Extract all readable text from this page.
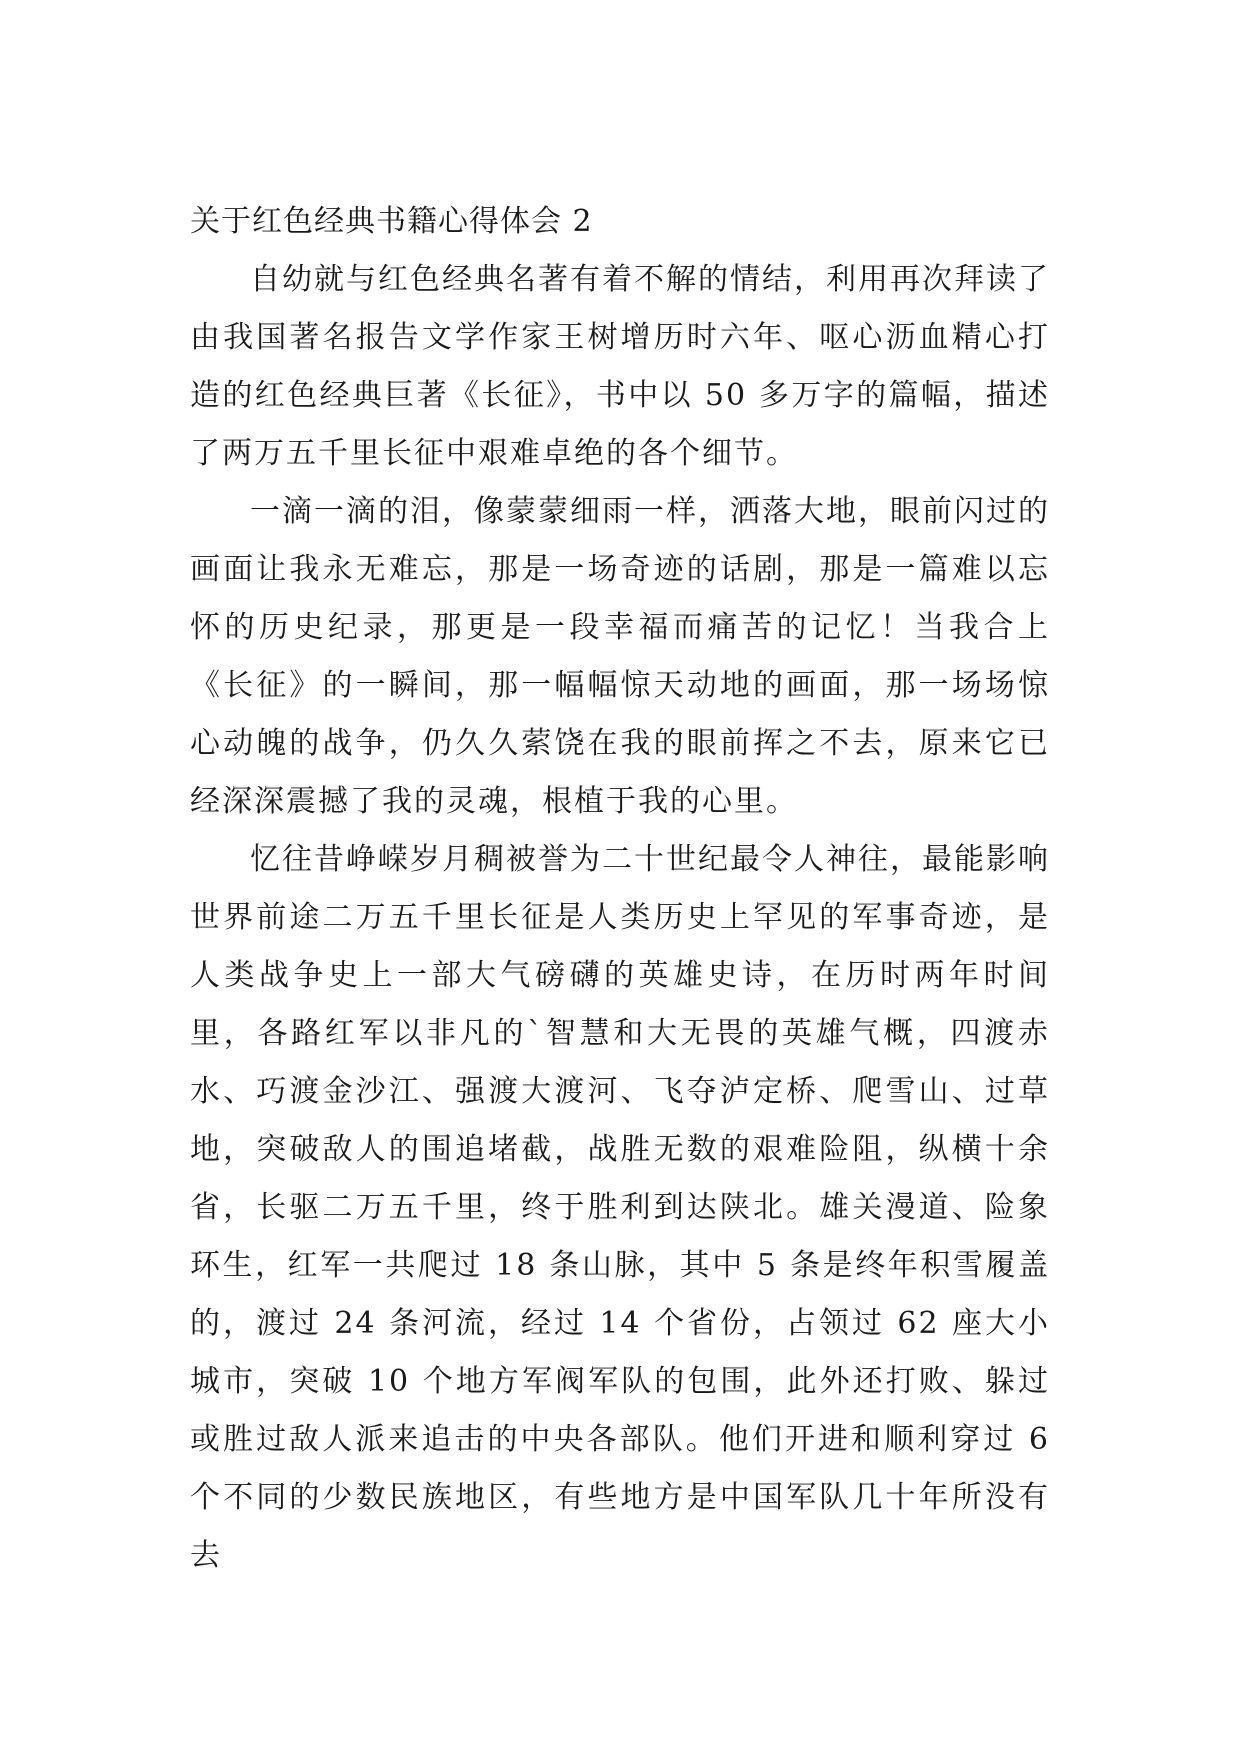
关于红色经典书籍心得体会 2

自幼就与红色经典名著有着不解的情结，利用再次拜读了由我国著名报告文学作家王树增历时六年、呕心沥血精心打造的红色经典巨著《长征》，书中以 50 多万字的篇幅，描述了两万五千里长征中艰难卓绝的各个细节。

一滴一滴的泪，像蒙蒙细雨一样，洒落大地，眼前闪过的画面让我永无难忘，那是一场奇迹的话剧，那是一篇难以忘怀的历史纪录，那更是一段幸福而痛苦的记忆！当我合上《长征》的一瞬间，那一幅幅惊天动地的画面，那一场场惊心动魄的战争，仍久久萦饶在我的眼前挥之不去，原来它已经深深震撼了我的灵魂，根植于我的心里。

忆往昔峥嵘岁月稠被誉为二十世纪最令人神往，最能影响世界前途二万五千里长征是人类历史上罕见的军事奇迹，是人类战争史上一部大气磅礴的英雄史诗，在历时两年时间里，各路红军以非凡的`智慧和大无畏的英雄气概，四渡赤水、巧渡金沙江、强渡大渡河、飞夺泸定桥、爬雪山、过草地，突破敌人的围追堵截，战胜无数的艰难险阻，纵横十余省，长驱二万五千里，终于胜利到达陕北。雄关漫道、险象环生，红军一共爬过 18 条山脉，其中 5 条是终年积雪履盖的，渡过 24 条河流，经过 14 个省份，占领过 62 座大小城市，突破 10 个地方军阀军队的包围，此外还打败、躲过或胜过敌人派来追击的中央各部队。他们开进和顺利穿过 6 个不同的少数民族地区，有些地方是中国军队几十年所没有去
